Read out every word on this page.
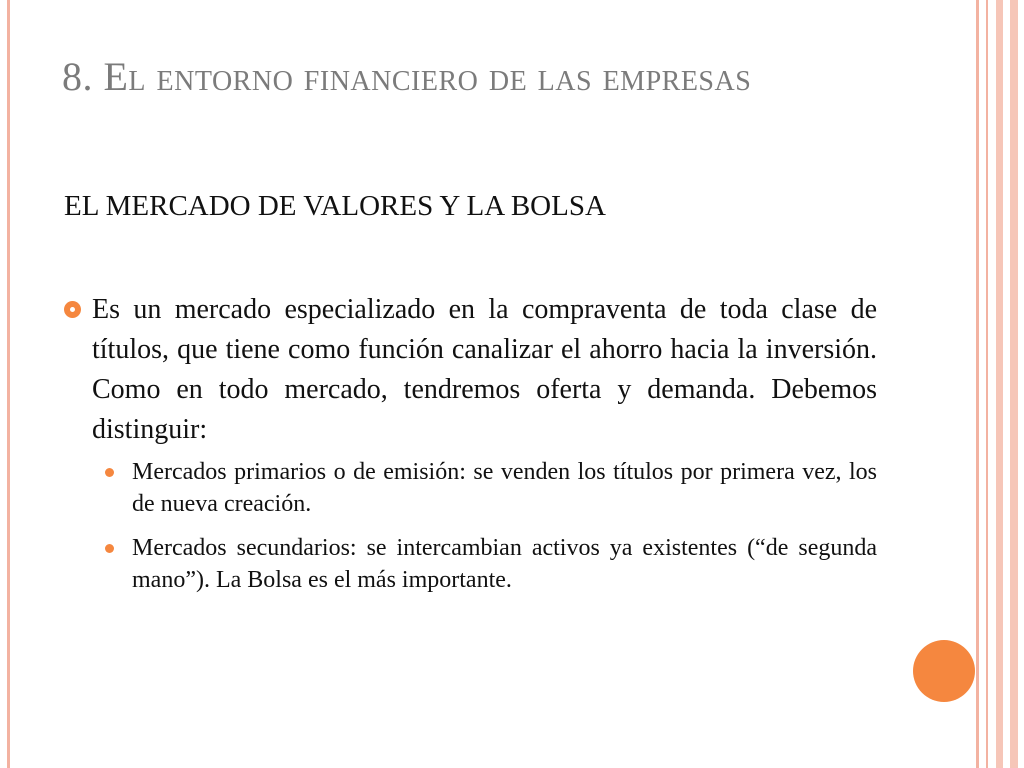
8. El entorno financiero de las empresas
EL MERCADO DE VALORES Y LA BOLSA
Es un mercado especializado en la compraventa de toda clase de títulos, que tiene como función canalizar el ahorro hacia la inversión. Como en todo mercado, tendremos oferta y demanda. Debemos distinguir:
Mercados primarios o de emisión: se venden los títulos por primera vez, los de nueva creación.
Mercados secundarios: se intercambian activos ya existentes (“de segunda mano”). La Bolsa es el más importante.
